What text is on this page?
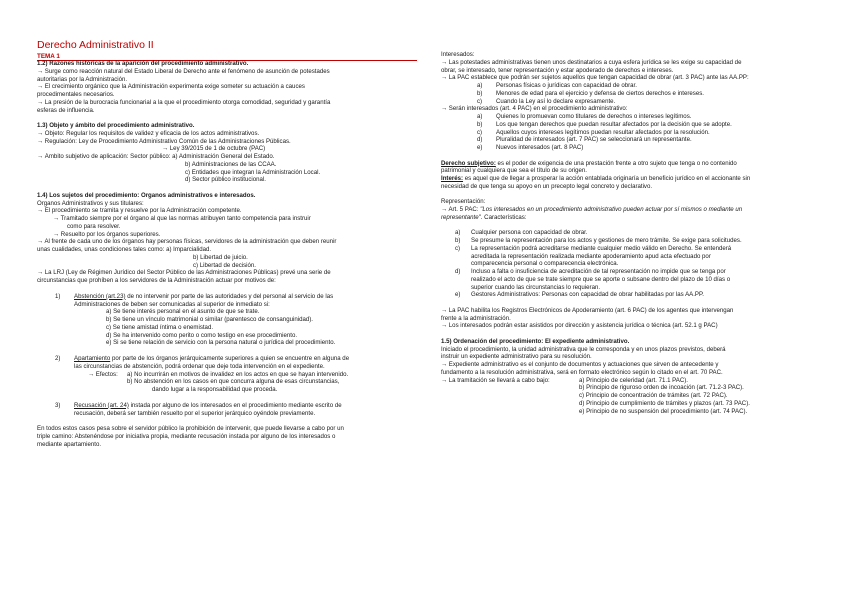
Derecho Administrativo II
TEMA 1
1.2) Razones históricas de la aparición del procedimiento administrativo.
→ Surge como reacción natural del Estado Liberal de Derecho ante el fenómeno de asunción de potestades
autoritarias por la Administración.
→ El crecimiento orgánico que la Administración experimenta exige someter su actuación a cauces
procedimentales necesarios.
→ La presión de la burocracia funcionarial a la que el procedimiento otorga comodidad, seguridad y garantía
esferas de influencia.
1.3) Objeto y ámbito del procedimiento administrativo.
→ Objeto: Regular los requisitos de validez y eficacia de los actos administrativos.
→ Regulación: Ley de Procedimiento Administrativo Común de las Administraciones Públicas.
→ Ley 39/2015 de 1 de octubre (PAC)
→ Ámbito subjetivo de aplicación: Sector público: a) Administración General del Estado.
b) Administraciones de las CCAA.
c) Entidades que integran la Administración Local.
d) Sector público institucional.
1.4) Los sujetos del procedimiento: Órganos administrativos e interesados.
Órganos Administrativos y sus titulares:
→ El procedimiento se tramita y resuelve por la Administración competente.
→ Tramitado siempre por el órgano al que las normas atribuyen tanto competencia para instruir
como para resolver.
→ Resuelto por los órganos superiores.
→ Al frente de cada uno de los órganos hay personas físicas, servidores de la administración que deben reunir
unas cualidades, unas condiciones tales como: a) Imparcialidad.
b) Libertad de juicio.
c) Libertad de decisión.
→ La LRJ (Ley de Régimen Jurídico del Sector Público de las Administraciones Públicas) prevé una serie de
circunstancias que prohíben a los servidores de la Administración actuar por motivos de:
1) Abstención (art.23) de no intervenir por parte de las autoridades y del personal al servicio de las
Administraciones de beben ser comunicadas al superior de inmediato si:
a) Se tiene interés personal en el asunto de que se trate.
b) Se tiene un vínculo matrimonial o similar (parentesco de consanguinidad).
c) Se tiene amistad íntima o enemistad.
d) Se ha intervenido como perito o como testigo en ese procedimiento.
e) Si se tiene relación de servicio con la persona natural o jurídica del procedimiento.
2) Apartamiento por parte de los órganos jerárquicamente superiores a quien se encuentre en alguna de
las circunstancias de abstención, podrá ordenar que deje toda intervención en el expediente.
→ Efectos:	a) No incurrirán en motivos de invalidez en los actos en que se hayan intervenido.
b) No abstención en los casos en que concurra alguna de esas circunstancias,
dando lugar a la responsabilidad que proceda.
3) Recusación (art. 24) instada por alguno de los interesados en el procedimiento mediante escrito de
recusación, deberá ser también resuelto por el superior jerárquico oyéndole previamente.
En todos estos casos pesa sobre el servidor público la prohibición de intervenir, que puede llevarse a cabo por un
triple camino: Abstenéndose por iniciativa propia, mediante recusación instada por alguno de los interesados o
mediante apartamiento.
Interesados:
→ Las potestades administrativas tienen unos destinatarios a cuya esfera jurídica se les exige su capacidad de
obrar, se interesado, tener representación y estar apoderado de derechos e intereses.
→ La PAC establece que podrán ser sujetos aquellos que tengan capacidad de obrar (art. 3 PAC) ante las AA.PP:
a) Personas físicas o jurídicas con capacidad de obrar.
b) Menores de edad para el ejercicio y defensa de ciertos derechos e intereses.
c) Cuando la Ley así lo declare expresamente.
→ Serán interesados (art. 4 PAC) en el procedimiento administrativo:
a) Quienes lo promuevan como titulares de derechos o intereses legítimos.
b) Los que tengan derechos que puedan resultar afectados por la decisión que se adopte.
c) Aquellos cuyos intereses legítimos puedan resultar afectados por la resolución.
d) Pluralidad de interesados (art. 7 PAC) se seleccionará un representante.
e) Nuevos interesados (art. 8 PAC)
Derecho subjetivo: es el poder de exigencia de una prestación frente a otro sujeto que tenga o no contenido
patrimonial y cualquiera que sea el título de su origen.
Interés: es aquel que de llegar a prosperar la acción entablada originaría un beneficio jurídico en el accionante sin
necesidad de que tenga su apoyo en un precepto legal concreto y declarativo.
Representación:
→ Art. 5 PAC: "Los interesados en un procedimiento administrativo pueden actuar por sí mismos o mediante un
representante". Características:
a) Cualquier persona con capacidad de obrar.
b) Se presume la representación para los actos y gestiones de mero trámite. Se exige para solicitudes.
c) La representación podrá acreditarse mediante cualquier medio válido en Derecho. Se entenderá
acreditada la representación realizada mediante apoderamiento apud acta efectuado por
comparecencia personal o comparecencia electrónica.
d) Incluso a falta o insuficiencia de acreditación de tal representación no impide que se tenga por
realizado el acto de que se trate siempre que se aporte o subsane dentro del plazo de 10 días o
superior cuando las circunstancias lo requieran.
e) Gestores Administrativos: Personas con capacidad de obrar habilitadas por las AA.PP.
→ La PAC habilita los Registros Electrónicos de Apoderamiento (art. 6 PAC) de los agentes que intervengan
frente a la administración.
→ Los interesados podrán estar asistidos por dirección y asistencia jurídica o técnica (art. 52.1 g PAC)
1.5) Ordenación del procedimiento: El expediente administrativo.
Iniciado el procedimiento, la unidad administrativa que le corresponda y en unos plazos previstos, deberá
instruir un expediente administrativo para su resolución.
→ Expediente administrativo es el conjunto de documentos y actuaciones que sirven de antecedente y
fundamento a la resolución administrativa, será en formato electrónico según lo citado en el art. 70 PAC.
→ La tramitación se llevará a cabo bajo:	a) Principio de celeridad (art. 71.1 PAC).
b) Principio de riguroso orden de incoación (art. 71.2-3 PAC).
c) Principio de concentración de trámites (art. 72 PAC).
d) Principio de cumplimiento de trámites y plazos (art. 73 PAC).
e) Principio de no suspensión del procedimiento (art. 74 PAC).
